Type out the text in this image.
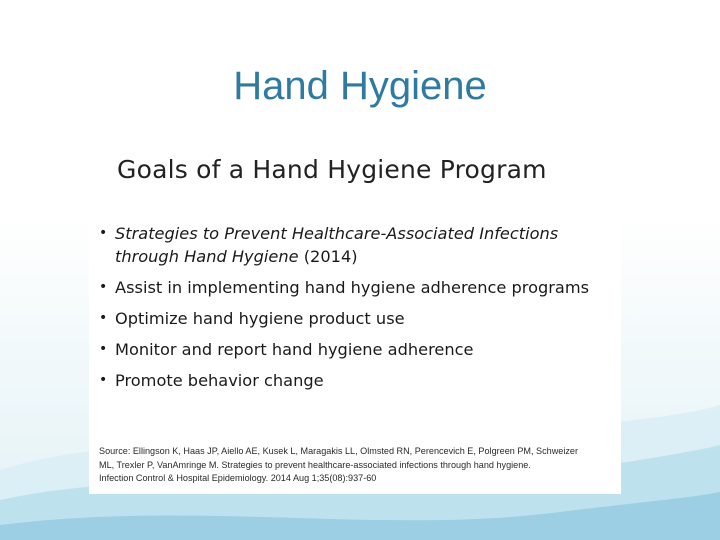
Hand Hygiene
Goals of a Hand Hygiene Program
• Strategies to Prevent Healthcare-Associated Infections through Hand Hygiene (2014)
• Assist in implementing hand hygiene adherence programs
• Optimize hand hygiene product use
• Monitor and report hand hygiene adherence
• Promote behavior change
Source: Ellingson K, Haas JP, Aiello AE, Kusek L, Maragakis LL, Olmsted RN, Perencevich E, Polgreen PM, Schweizer
ML, Trexler P, VanAmringe M. Strategies to prevent healthcare-associated infections through hand hygiene.
Infection Control & Hospital Epidemiology. 2014 Aug 1;35(08):937-60
